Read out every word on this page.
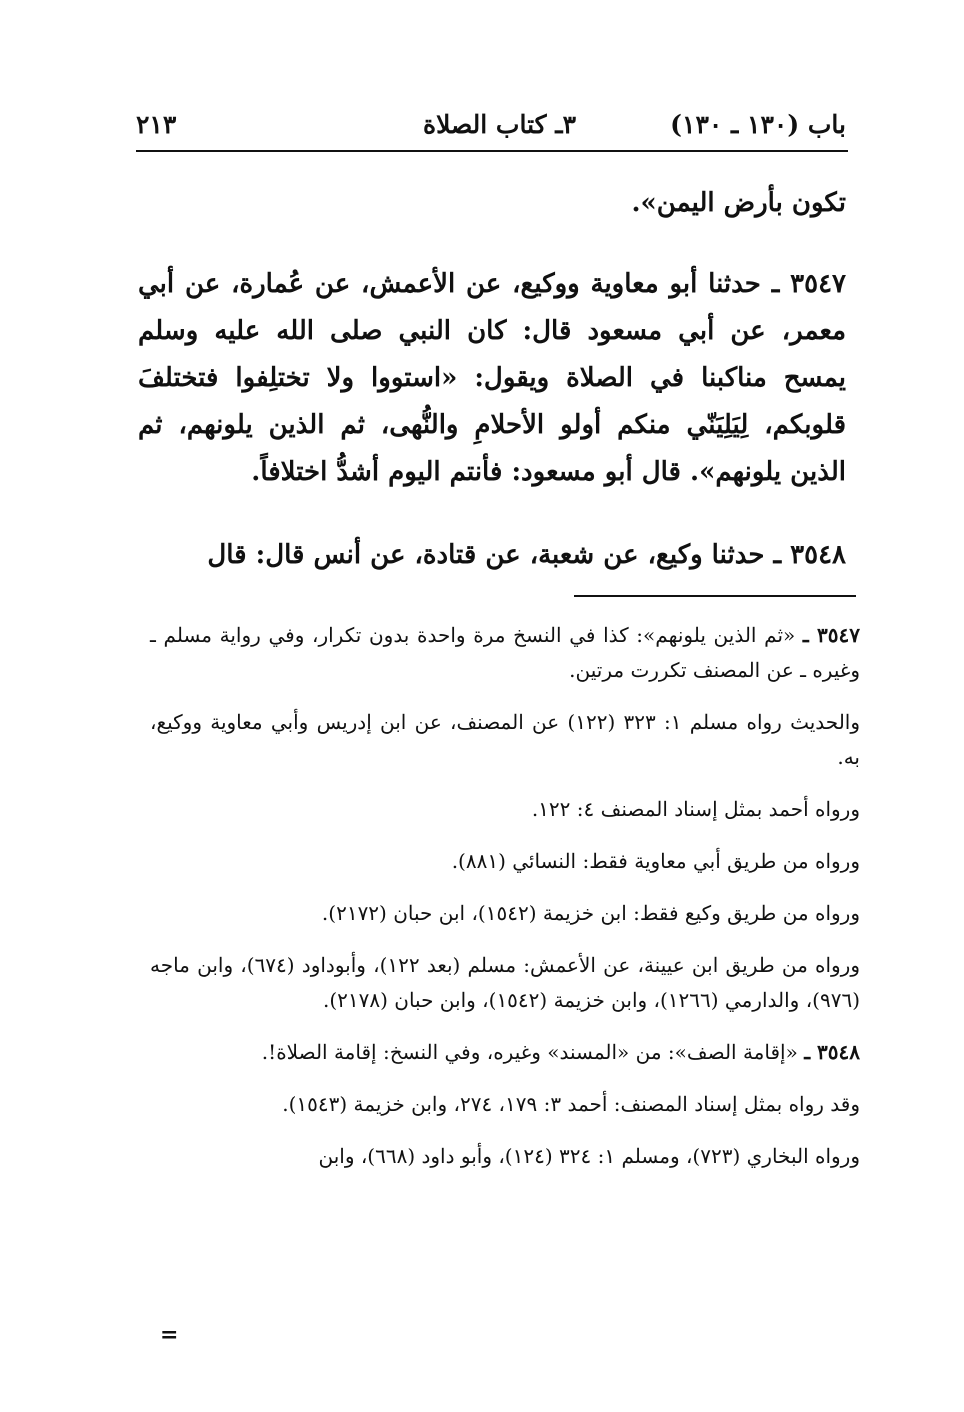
باب (١٣٠ ـ ١٣٠)
٣ـ كتاب الصلاة
٢١٣

تكون بأرض اليمن».

٣٥٤٧ ـ حدثنا أبو معاوية ووكيع، عن الأعمش، عن عُمارة، عن أبي معمر، عن أبي مسعود قال: كان النبي صلى الله عليه وسلم يمسح مناكبنا في الصلاة ويقول: «استووا ولا تختلِفوا فتختلفَ قلوبكم، لِيَلِيَنّي منكم أولو الأحلامِ والنُّهى، ثم الذين يلونهم، ثم الذين يلونهم». قال أبو مسعود: فأنتم اليوم أشدُّ اختلافاً.

٣٥٤٨ ـ حدثنا وكيع، عن شعبة، عن قتادة، عن أنس قال: قال

٣٥٤٧ ـ «ثم الذين يلونهم»: كذا في النسخ مرة واحدة بدون تكرار، وفي رواية مسلم ـ وغيره ـ عن المصنف تكررت مرتين.

والحديث رواه مسلم ١: ٣٢٣ (١٢٢) عن المصنف، عن ابن إدريس وأبي معاوية ووكيع، به.

ورواه أحمد بمثل إسناد المصنف ٤: ١٢٢.

ورواه من طريق أبي معاوية فقط: النسائي (٨٨١).

ورواه من طريق وكيع فقط: ابن خزيمة (١٥٤٢)، ابن حبان (٢١٧٢).

ورواه من طريق ابن عيينة، عن الأعمش: مسلم (بعد ١٢٢)، وأبوداود (٦٧٤)، وابن ماجه (٩٧٦)، والدارمي (١٢٦٦)، وابن خزيمة (١٥٤٢)، وابن حبان (٢١٧٨).

٣٥٤٨ ـ «إقامة الصف»: من «المسند» وغيره، وفي النسخ: إقامة الصلاة!.

وقد رواه بمثل إسناد المصنف: أحمد ٣: ١٧٩، ٢٧٤، وابن خزيمة (١٥٤٣).

ورواه البخاري (٧٢٣)، ومسلم ١: ٣٢٤ (١٢٤)، وأبو داود (٦٦٨)، وابن

=
